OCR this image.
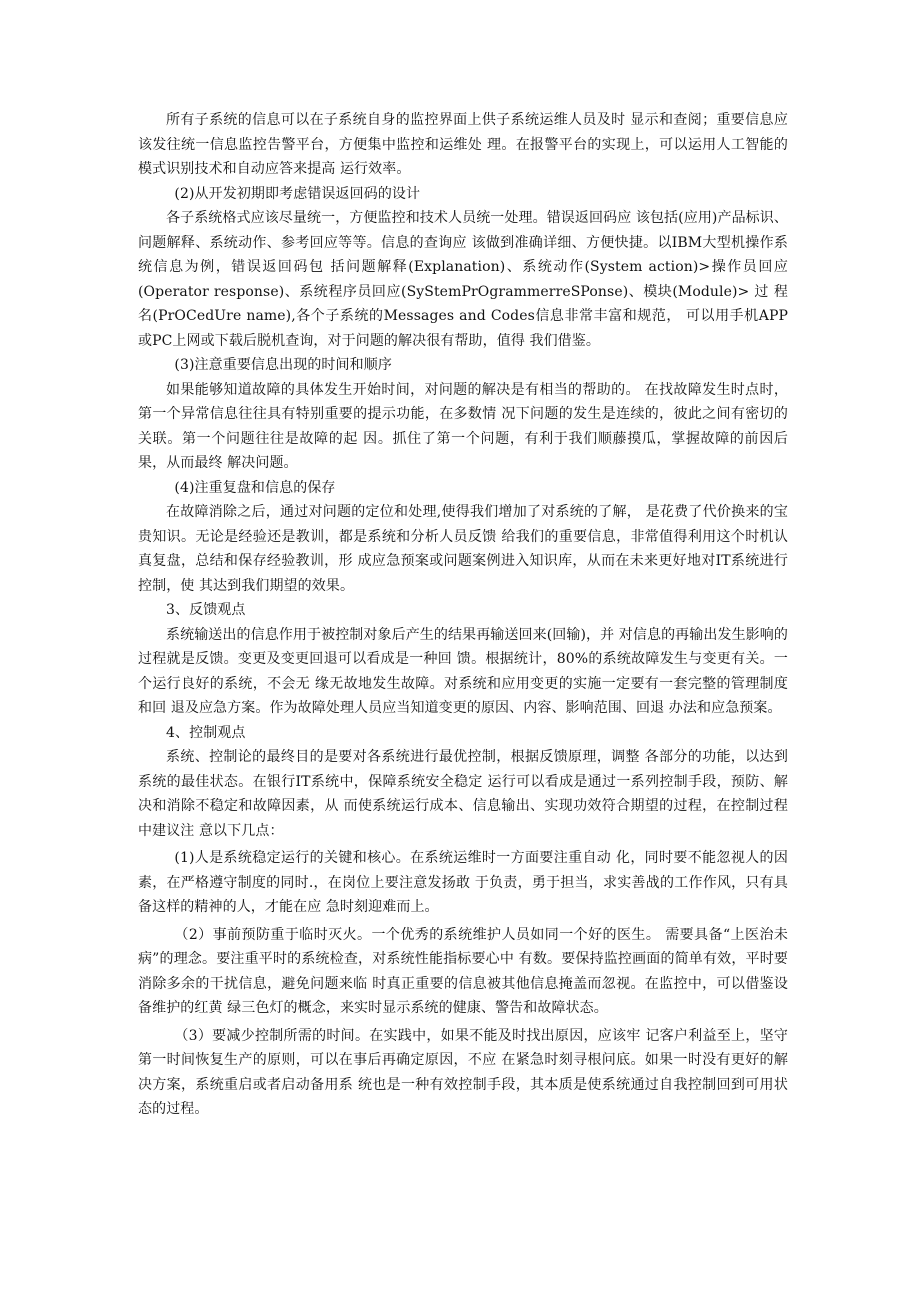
所有子系统的信息可以在子系统自身的监控界面上供子系统运维人员及时 显示和查阅；重要信息应该发往统一信息监控告警平台，方便集中监控和运维处 理。在报警平台的实现上，可以运用人工智能的模式识别技术和自动应答来提高 运行效率。

(2)从开发初期即考虑错误返回码的设计

各子系统格式应该尽量统一，方便监控和技术人员统一处理。错误返回码应 该包括(应用)产品标识、问题解释、系统动作、参考回应等等。信息的查询应 该做到准确详细、方便快捷。以IBM大型机操作系统信息为例，错误返回码包 括问题解释(Explanation)、系统动作(System action)>操作员回应(Operator response)、系统程序员回应(SyStemPrOgrammerreSPonse)、模块(Module)> 过 程名(PrOCedUre name),各个子系统的Messages and Codes信息非常丰富和规范， 可以用手机APP或PC上网或下载后脱机查询，对于问题的解决很有帮助，值得 我们借鉴。

(3)注意重要信息出现的时间和顺序

如果能够知道故障的具体发生开始时间，对问题的解决是有相当的帮助的。 在找故障发生时点时，第一个异常信息往往具有特别重要的提示功能，在多数情 况下问题的发生是连续的，彼此之间有密切的关联。第一个问题往往是故障的起 因。抓住了第一个问题，有利于我们顺藤摸瓜，掌握故障的前因后果，从而最终 解决问题。

(4)注重复盘和信息的保存

在故障消除之后，通过对问题的定位和处理,使得我们增加了对系统的了解， 是花费了代价换来的宝贵知识。无论是经验还是教训，都是系统和分析人员反馈 给我们的重要信息，非常值得利用这个时机认真复盘，总结和保存经验教训，形 成应急预案或问题案例进入知识库，从而在未来更好地对IT系统进行控制，使 其达到我们期望的效果。

3、反馈观点

系统输送出的信息作用于被控制对象后产生的结果再输送回来(回输)，并 对信息的再输出发生影响的过程就是反馈。变更及变更回退可以看成是一种回 馈。根据统计，80%的系统故障发生与变更有关。一个运行良好的系统，不会无 缘无故地发生故障。对系统和应用变更的实施一定要有一套完整的管理制度和回 退及应急方案。作为故障处理人员应当知道变更的原因、内容、影响范围、回退 办法和应急预案。

4、控制观点

系统、控制论的最终目的是要对各系统进行最优控制，根据反馈原理，调整 各部分的功能，以达到系统的最佳状态。在银行IT系统中，保障系统安全稳定 运行可以看成是通过一系列控制手段，预防、解决和消除不稳定和故障因素，从 而使系统运行成本、信息输出、实现功效符合期望的过程，在控制过程中建议注 意以下几点：

(1)人是系统稳定运行的关键和核心。在系统运维时一方面要注重自动 化，同时要不能忽视人的因素，在严格遵守制度的同时.，在岗位上要注意发扬敢 于负责，勇于担当，求实善战的工作作风，只有具备这样的精神的人，才能在应 急时刻迎难而上。

（2）事前预防重于临时灭火。一个优秀的系统维护人员如同一个好的医生。 需要具备“上医治未病”的理念。要注重平时的系统检查，对系统性能指标要心中 有数。要保持监控画面的简单有效，平时要消除多余的干扰信息，避免问题来临 时真正重要的信息被其他信息掩盖而忽视。在监控中，可以借鉴设备维护的红黄 绿三色灯的概念，来实时显示系统的健康、警告和故障状态。

（3）要减少控制所需的时间。在实践中，如果不能及时找出原因，应该牢 记客户利益至上，坚守第一时间恢复生产的原则，可以在事后再确定原因，不应 在紧急时刻寻根问底。如果一时没有更好的解决方案，系统重启或者启动备用系 统也是一种有效控制手段，其本质是使系统通过自我控制回到可用状态的过程。
